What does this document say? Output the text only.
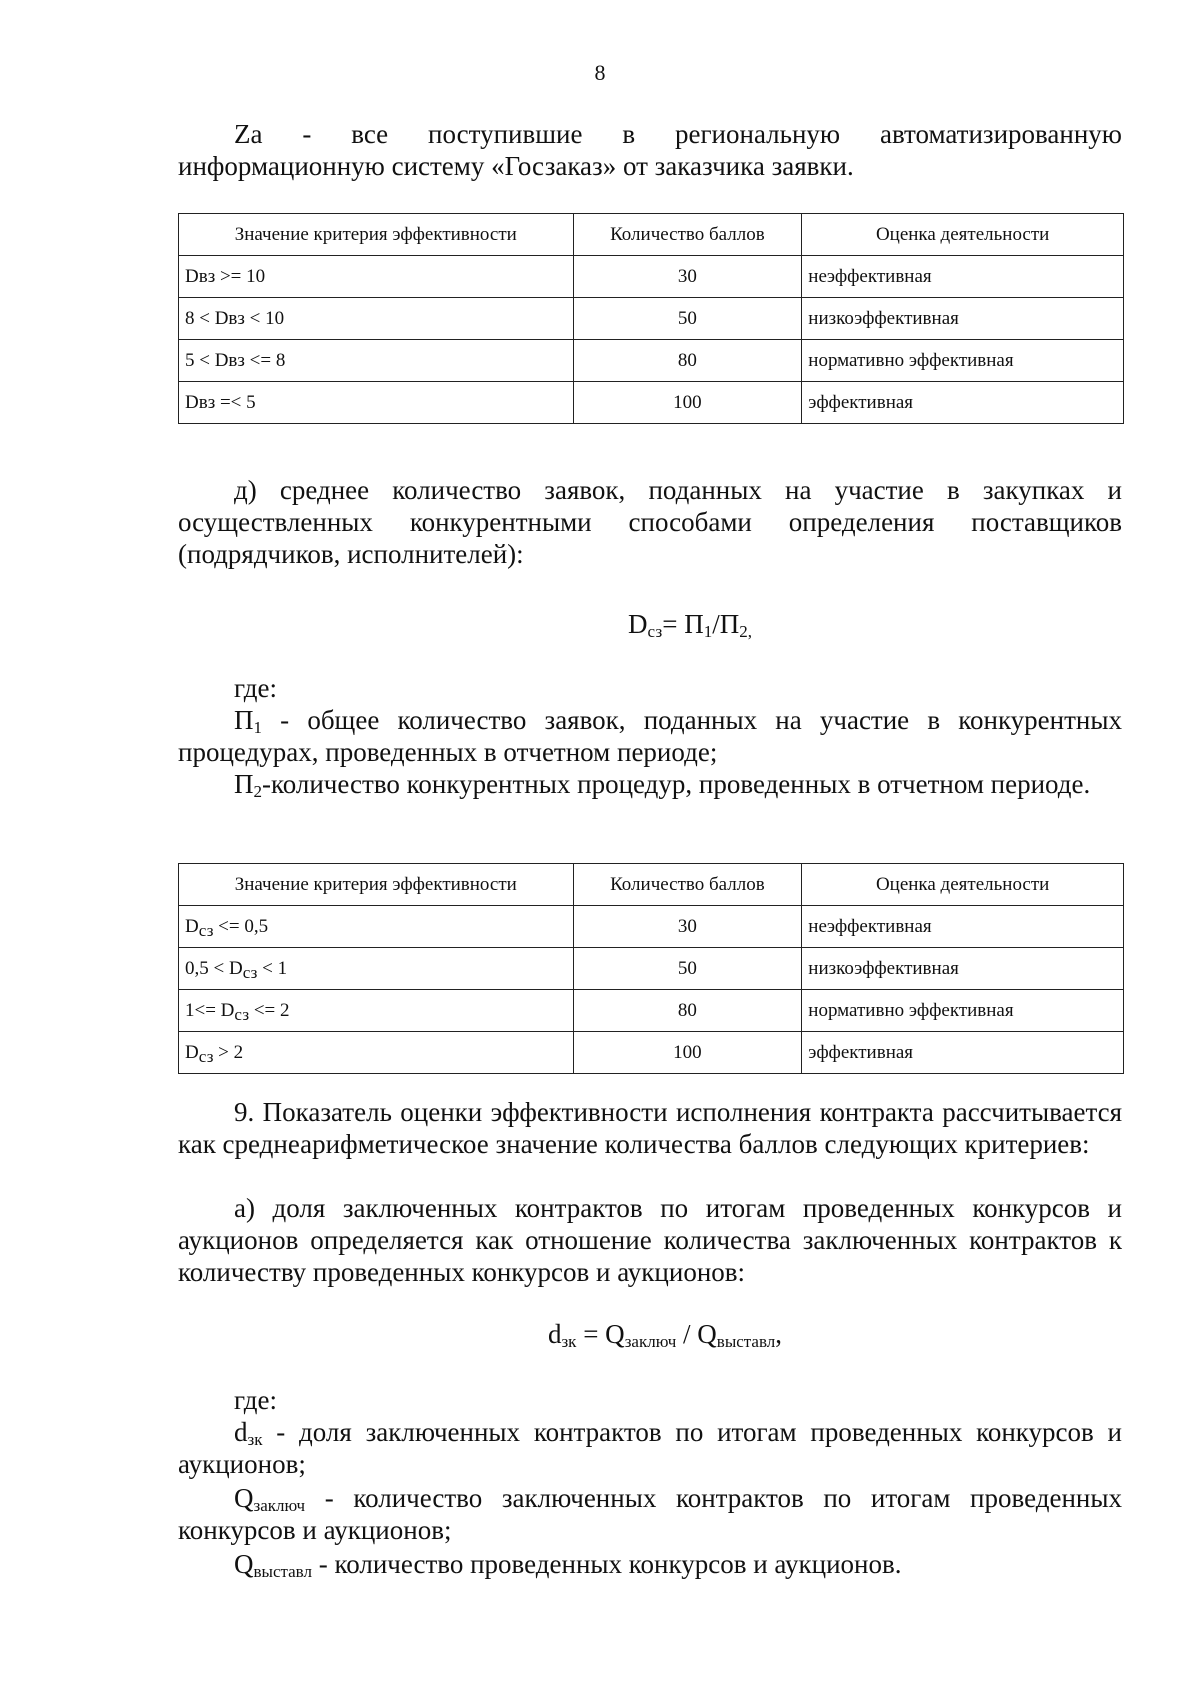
8
Za - все поступившие в региональную автоматизированную
информационную систему «Госзаказ» от заказчика заявки.
Значение критерия эффективности	Количество баллов	Оценка деятельности
Dвз >= 10	30	неэффективная
8 < Dвз < 10	50	низкоэффективная
5 < Dвз <= 8	80	нормативно эффективная
Dвз =< 5	100	эффективная
д) среднее количество заявок, поданных на участие в закупках и осуществленных конкурентными способами определения поставщиков (подрядчиков, исполнителей):
$D_{сз}= П_1/П_{2,}$
где:
$П_1$ - общее количество заявок, поданных на участие в конкурентных процедурах, проведенных в отчетном периоде;
$П_2$-количество конкурентных процедур, проведенных в отчетном периоде.
Значение критерия эффективности	Количество баллов	Оценка деятельности
$D_{сз} <= 0,5$	30	неэффективная
$0,5 < D_{сз} < 1$	50	низкоэффективная
$1<= D_{сз} <= 2$	80	нормативно эффективная
$D_{сз} > 2$	100	эффективная
9. Показатель оценки эффективности исполнения контракта рассчитывается как среднеарифметическое значение количества баллов следующих критериев:
а) доля заключенных контрактов по итогам проведенных конкурсов и аукционов определяется как отношение количества заключенных контрактов к количеству проведенных конкурсов и аукционов:
$d_{зк} = Q_{заключ} / Q_{выставл}$,
где:
$d_{зк}$ - доля заключенных контрактов по итогам проведенных конкурсов и аукционов;
$Q_{заключ}$ - количество заключенных контрактов по итогам проведенных конкурсов и аукционов;
$Q_{выставл}$ - количество проведенных конкурсов и аукционов.
